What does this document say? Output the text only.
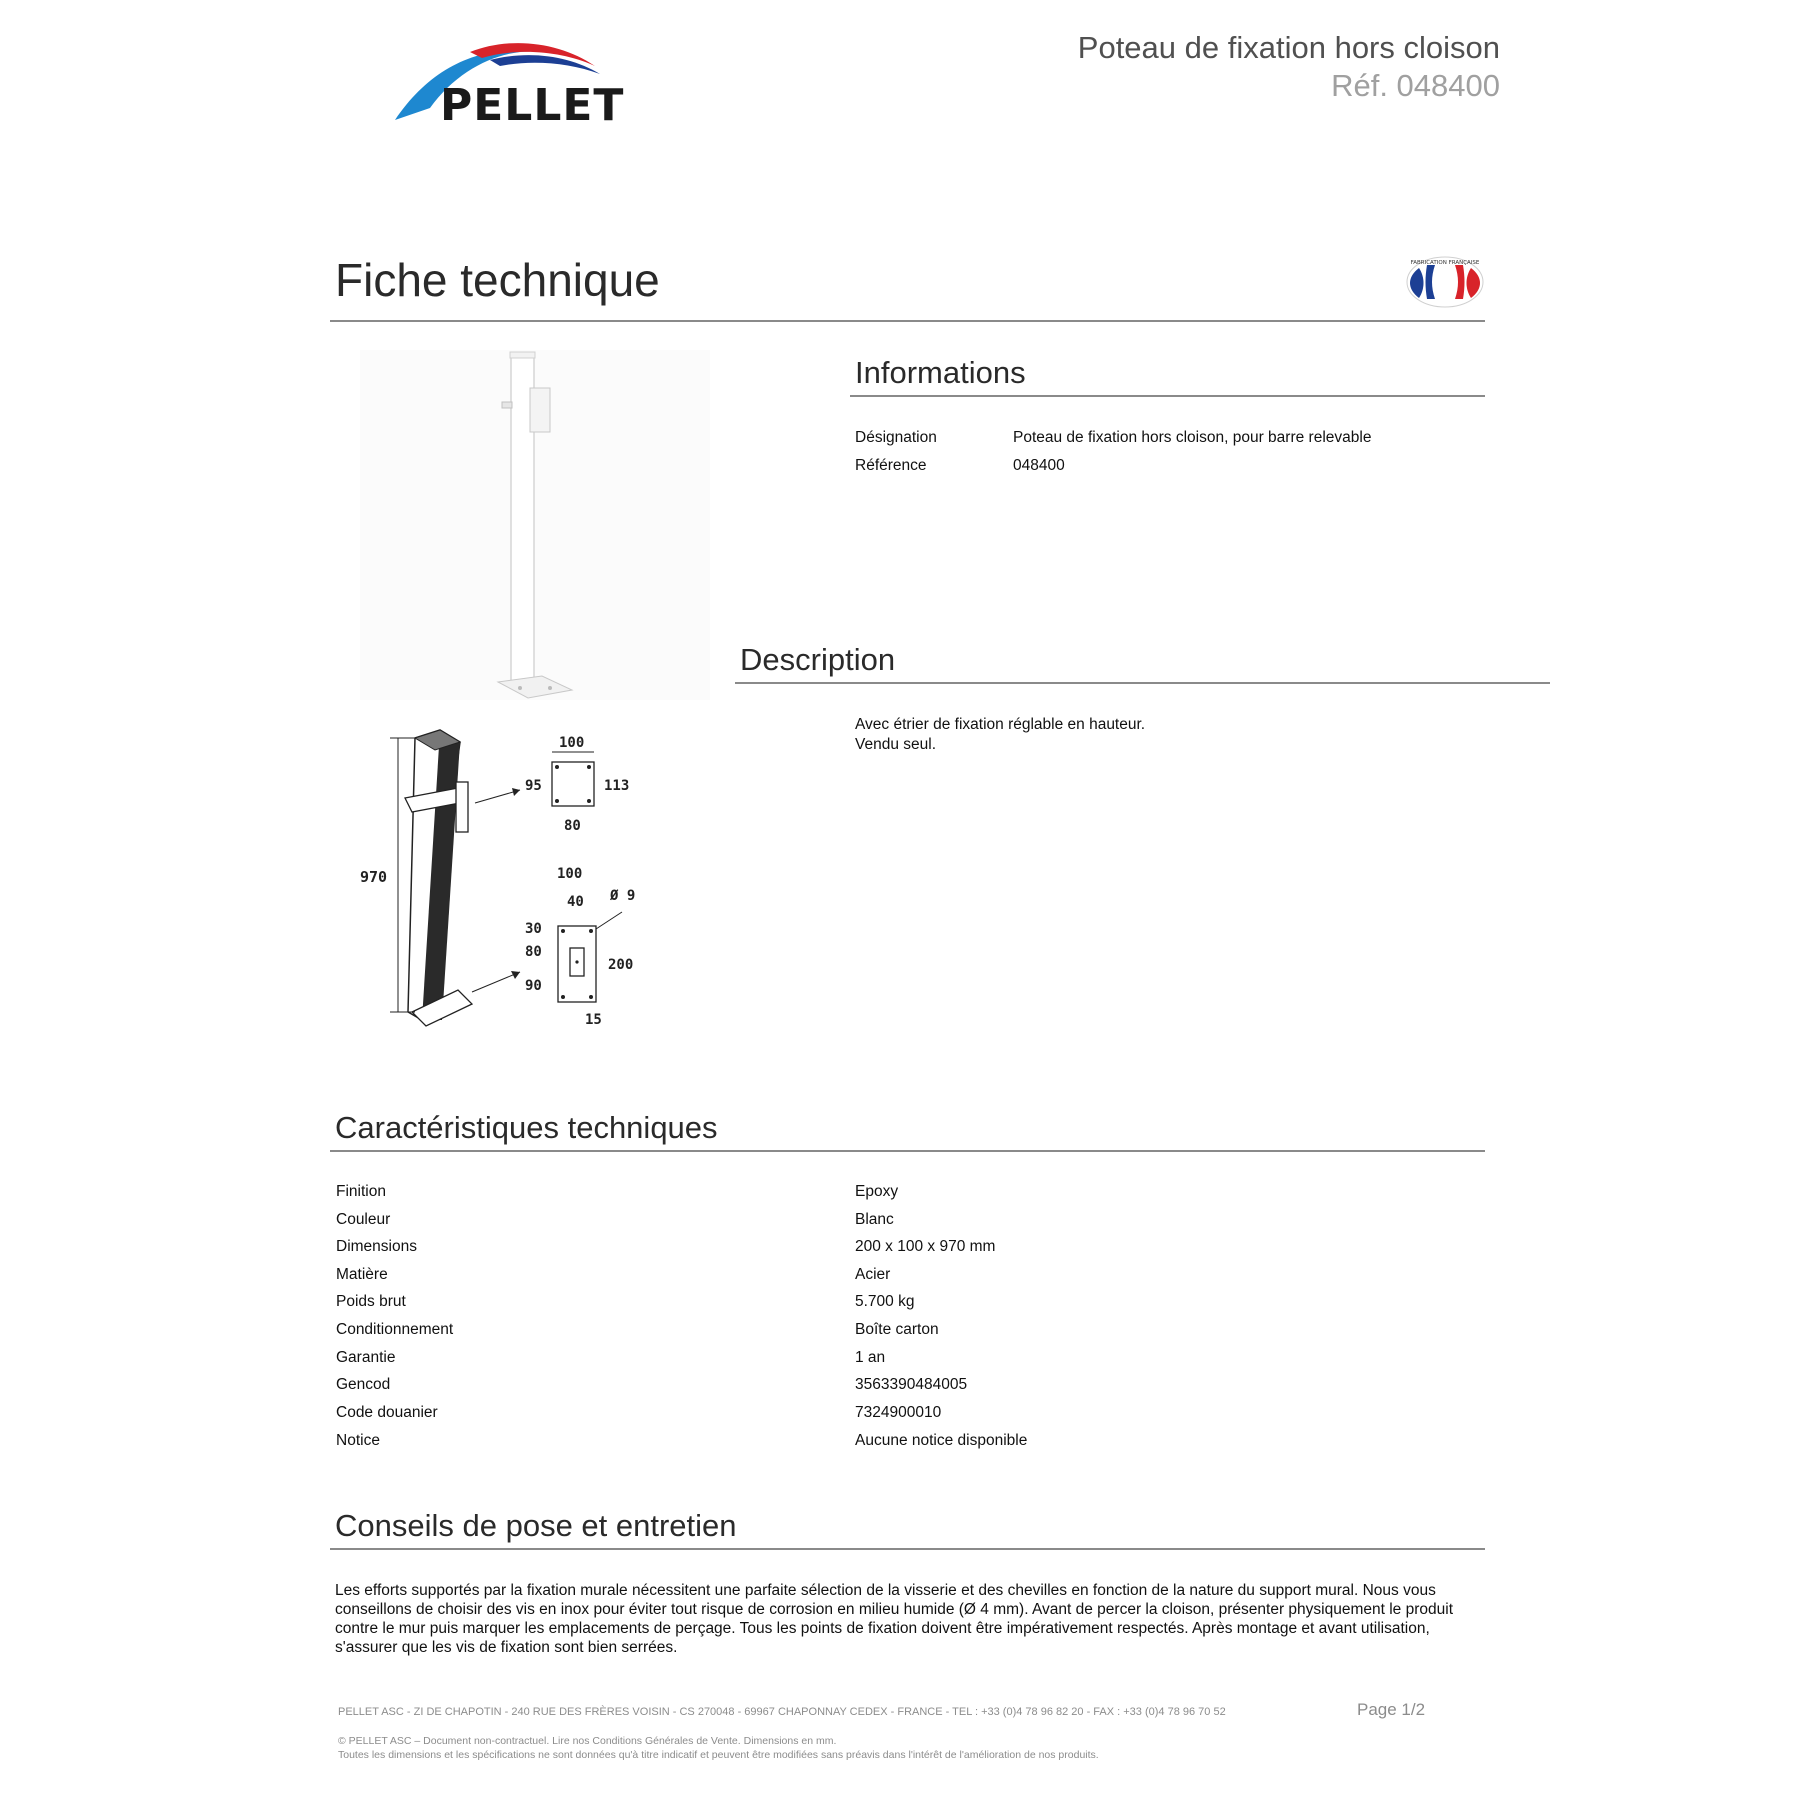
PELLET
Poteau de fixation hors cloison
Réf. 048400
Fiche technique	FABRICATION FRANÇAISE
970
100
95	113
80
100
40 Ø 9
30
80
90
200
15
Informations
Désignation	Poteau de fixation hors cloison, pour barre relevable
Référence	048400
Description
Avec étrier de fixation réglable en hauteur.
Vendu seul.
Caractéristiques techniques
Finition	Epoxy
Couleur	Blanc
Dimensions	200 x 100 x 970 mm
Matière	Acier
Poids brut	5.700 kg
Conditionnement	Boîte carton
Garantie	1 an
Gencod	3563390484005
Code douanier	7324900010
Notice	Aucune notice disponible
Conseils de pose et entretien
Les efforts supportés par la fixation murale nécessitent une parfaite sélection de la visserie et des chevilles en fonction de la nature du support mural. Nous vous conseillons de choisir des vis en inox pour éviter tout risque de corrosion en milieu humide (Ø 4 mm). Avant de percer la cloison, présenter physiquement le produit contre le mur puis marquer les emplacements de perçage. Tous les points de fixation doivent être impérativement respectés. Après montage et avant utilisation, s'assurer que les vis de fixation sont bien serrées.
PELLET ASC - ZI DE CHAPOTIN - 240 RUE DES FRÈRES VOISIN - CS 270048 - 69967 CHAPONNAY CEDEX - FRANCE - TEL : +33 (0)4 78 96 82 20 - FAX : +33 (0)4 78 96 70 52	Page 1/2
© PELLET ASC – Document non-contractuel. Lire nos Conditions Générales de Vente. Dimensions en mm.
Toutes les dimensions et les spécifications ne sont données qu'à titre indicatif et peuvent être modifiées sans préavis dans l'intérêt de l'amélioration de nos produits.
